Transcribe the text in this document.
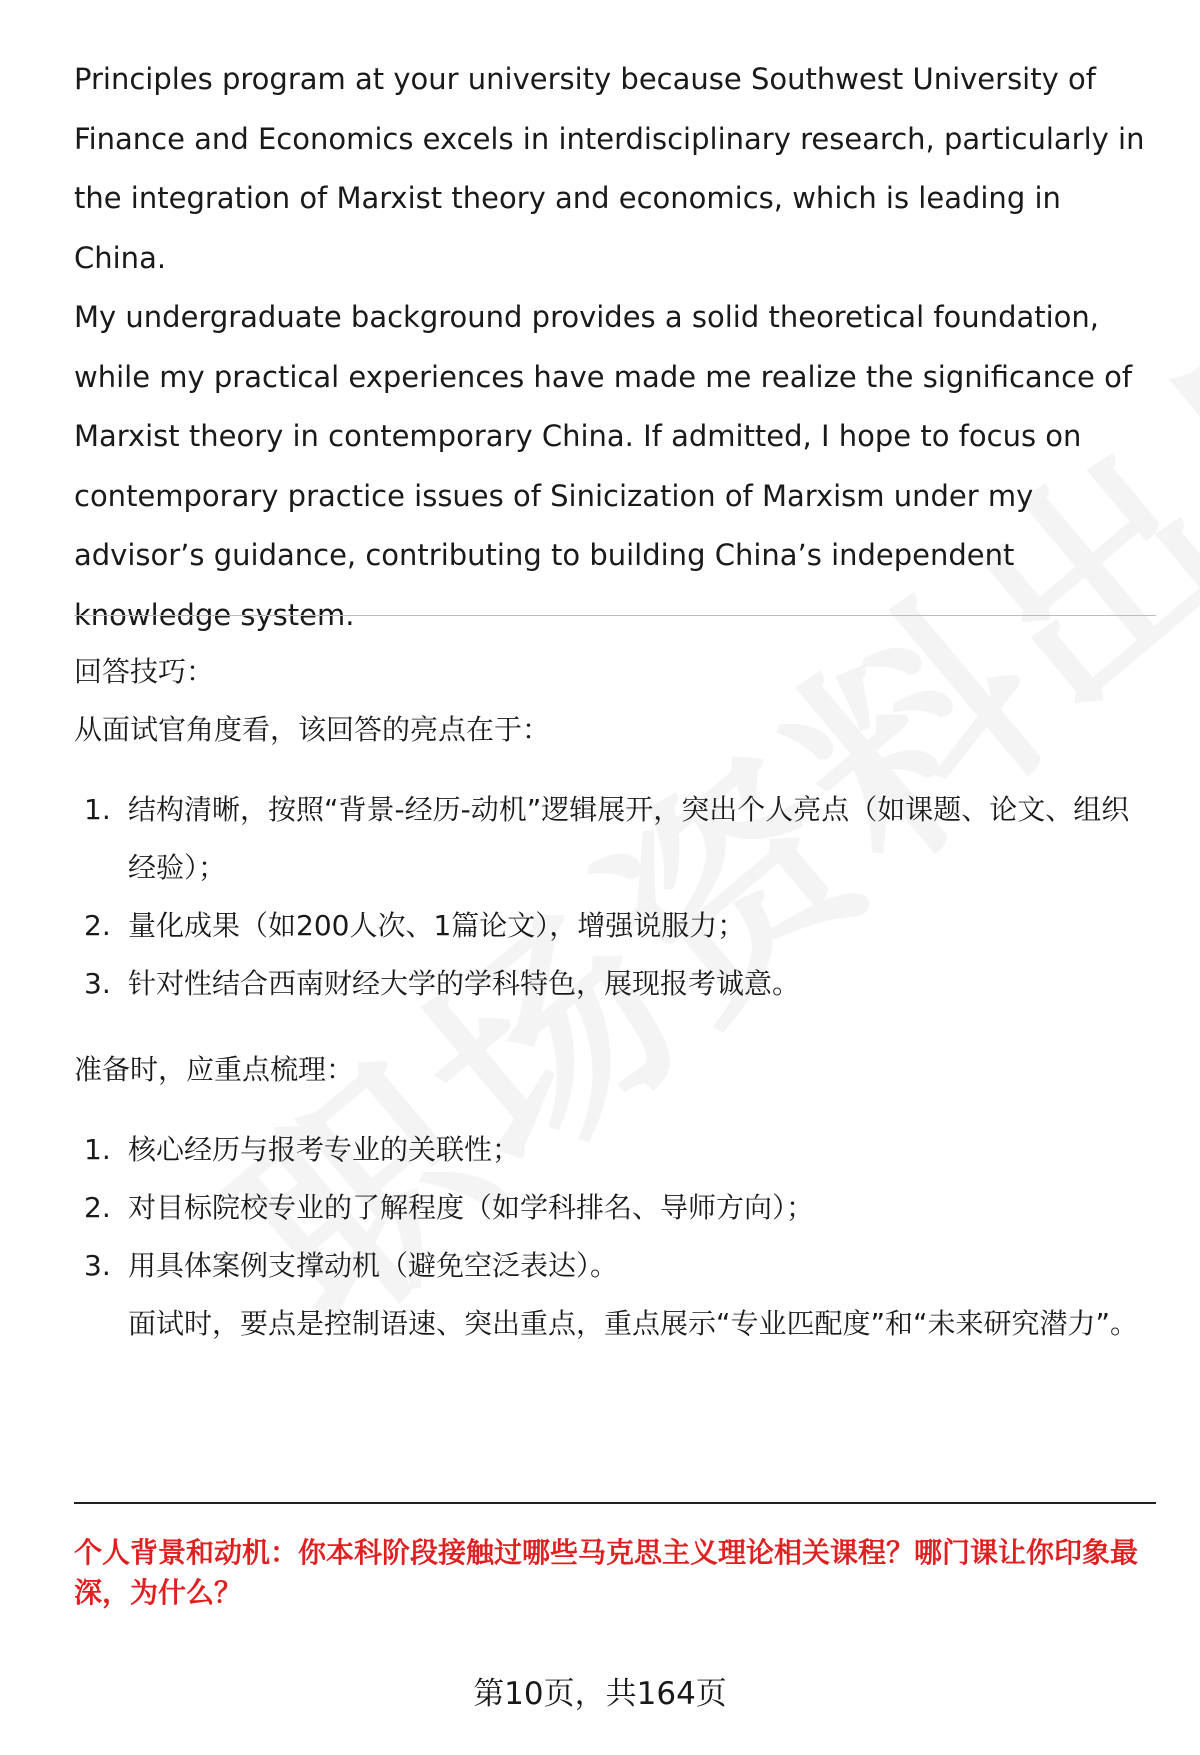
Principles program at your university because Southwest University of

Finance and Economics excels in interdisciplinary research, particularly in

the integration of Marxist theory and economics, which is leading in China.

My undergraduate background provides a solid theoretical foundation,

while my practical experiences have made me realize the significance of

Marxist theory in contemporary China. If admitted, I hope to focus on

contemporary practice issues of Sinicization of Marxism under my

advisor’s guidance, contributing to building China’s independent

knowledge system.

回答技巧：

从面试官角度看，该回答的亮点在于：

1. 结构清晰，按照“背景-经历-动机”逻辑展开，突出个人亮点（如课题、论文、组织经验）；
2. 量化成果（如200人次、1篇论文），增强说服力；
3. 针对性结合西南财经大学的学科特色，展现报考诚意。

准备时，应重点梳理：

1. 核心经历与报考专业的关联性；
2. 对目标院校专业的了解程度（如学科排名、导师方向）；
3. 用具体案例支撑动机（避免空泛表达）。

面试时，要点是控制语速、突出重点，重点展示“专业匹配度”和“未来研究潜力”。

个人背景和动机：你本科阶段接触过哪些马克思主义理论相关课程？哪门课让你印象最深，为什么？

第10页，共164页
